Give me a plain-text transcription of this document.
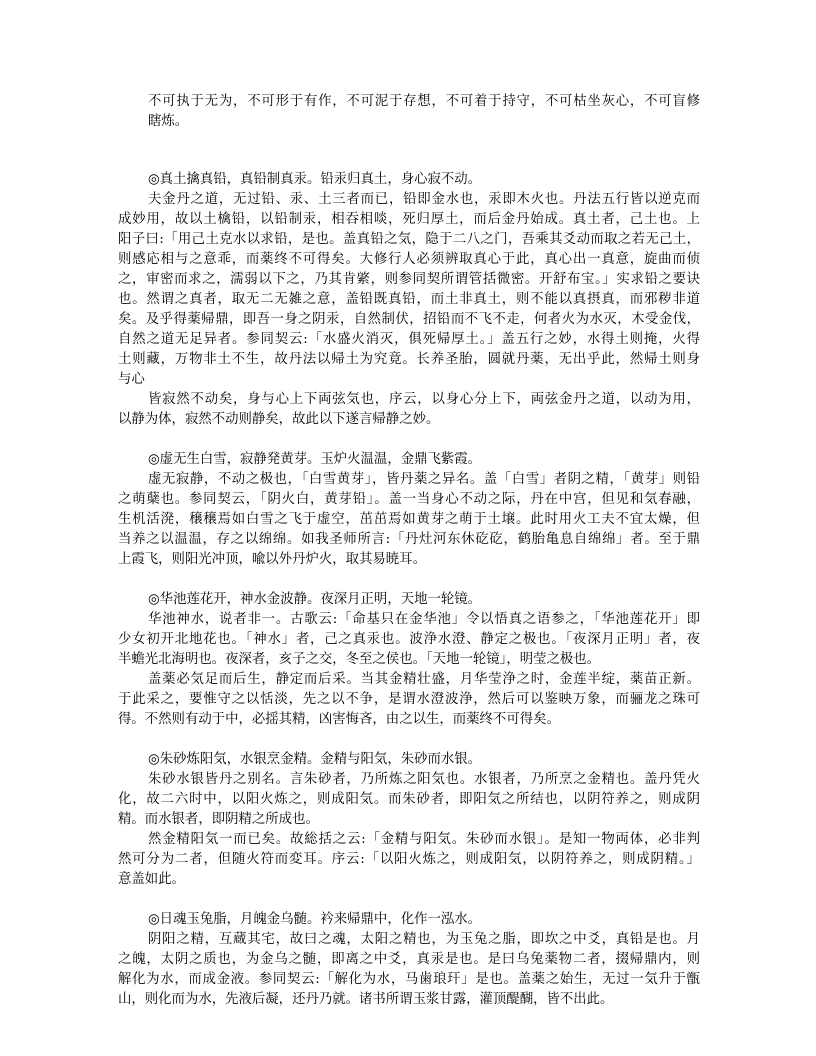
不可执于无为，不可形于有作，不可泥于存想，不可着于持守，不可枯坐灰心，不可盲修
瞎炼。
◎真土擒真铅，真铅制真汞。铅汞归真土，身心寂不动。
夫金丹之道，无过铅、汞、土三者而已，铅即金水也，汞即木火也。丹法五行皆以逆克而
成妙用，故以土檎铅，以铅制汞，相吞相啖，死归厚土，而后金丹始成。真土者，己土也。上
阳子曰:「用己土克水以求铅，是也。盖真铅之気，隐于二八之门，吾乘其爻动而取之若无己土，
则感応相与之意乖，而薬终不可得矣。大修行人必须辨取真心于此，真心出一真意，旋曲而侦
之，审密而求之，濡弱以下之，乃其肯綮，则参同契所谓管括微密。开舒布宝。」实求铅之要诀
也。然谓之真者，取无二无雑之意，盖铅既真铅，而土非真土，则不能以真摂真，而邪秽非道
矣。及乎得薬帰鼎，即吾一身之阴汞，自然制伏，招铅而不飞不走，何者火为水灭，木受金伐，
自然之道无足异者。参同契云:「水盛火消灭，俱死帰厚土。」盖五行之妙，水得土则掩，火得
土则藏，万物非土不生，故丹法以帰土为究竟。长养圣胎，圆就丹薬，无出乎此，然帰土则身
与心
皆寂然不动矣，身与心上下両弦気也，序云，以身心分上下，両弦金丹之道，以动为用，
以静为体，寂然不动则静矣，故此以下遂言帰静之妙。
◎虚无生白雪，寂静発黄芽。玉炉火温温，金鼎飞紫霞。
虚无寂静，不动之极也，「白雪黄芽」，皆丹薬之异名。盖「白雪」者阴之精，「黄芽」则铅
之萌蘖也。参同契云，「阴火白，黄芽铅」。盖一当身心不动之际，丹在中宫，但见和気春融，
生机活溌，穣穣焉如白雪之飞于虚空，茁茁焉如黄芽之萌于土壌。此时用火工夫不宜太燥，但
当养之以温温，存之以绵绵。如我圣师所言:「丹灶河东休矻矻，鹤胎亀息自绵绵」者。至于鼎
上霞飞，则阳光冲顶，喩以外丹炉火，取其易暁耳。
◎华池莲花开，神水金波静。夜深月正明，天地一轮镜。
华池神水，说者非一。古歌云:「命基只在金华池」令以悟真之语参之，「华池莲花开」即
少女初开北地花也。「神水」者，己之真汞也。波浄水澄、静定之极也。「夜深月正明」者，夜
半蟾光北海明也。夜深者，亥子之交，冬至之侯也。「天地一轮镜」，明莹之极也。
盖薬必気足而后生，静定而后采。当其金精壮盛，月华莹浄之时，金莲半绽，薬苗正新。
于此采之，要惟守之以恬淡，先之以不争，是谓水澄波浄，然后可以鉴映万象，而骊龙之珠可
得。不然则有动于中，必揺其精，凶害悔吝，由之以生，而薬终不可得矣。
◎朱砂炼阳気，水银烹金精。金精与阳気，朱砂而水银。
朱砂水银皆丹之别名。言朱砂者，乃所炼之阳気也。水银者，乃所烹之金精也。盖丹凭火
化，故二六时中，以阳火炼之，则成阳気。而朱砂者，即阳気之所结也，以阴符养之，则成阴
精。而水银者，即阴精之所成也。
然金精阳気一而已矣。故総括之云:「金精与阳気。朱砂而水银」。是知一物両体，必非判
然可分为二者，但随火符而変耳。序云:「以阳火炼之，则成阳気，以阴符养之，则成阴精。」
意盖如此。
◎日魂玉兔脂，月魄金乌髄。衿来帰鼎中，化作一泓水。
阴阳之精，互蔵其宅，故曰之魂，太阳之精也，为玉兔之脂，即坎之中爻，真铅是也。月
之魄，太阴之质也，为金乌之髄，即离之中爻，真汞是也。是曰乌兔薬物二者，掇帰鼎内，则
解化为水，而成金液。参同契云:「解化为水，马歯琅玕」是也。盖薬之始生，无过一気升于甑
山，则化而为水，先液后凝，还丹乃就。诸书所谓玉浆甘露，灌顶醍醐，皆不出此。
